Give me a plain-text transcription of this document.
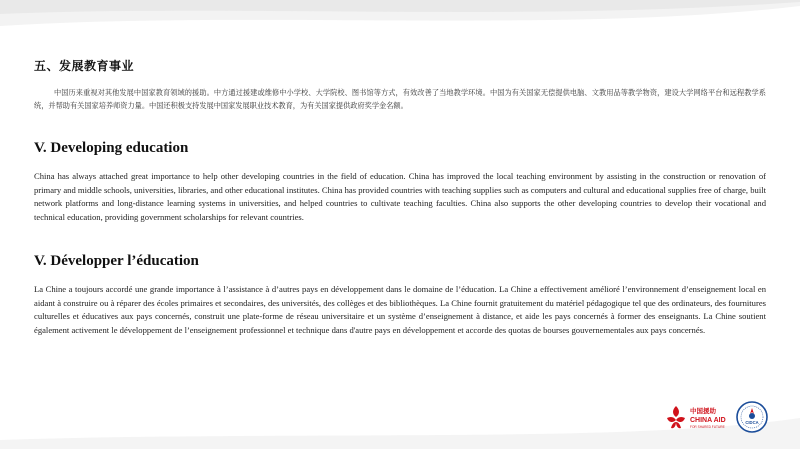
五、发展教育事业
中国历来重视对其他发展中国家教育领域的援助。中方通过援建或维修中小学校、大学院校、图书馆等方式，有效改善了当地教学环境。中国为有关国家无偿提供电脑、文教用品等教学物资，建设大学网络平台和远程教学系统，并帮助有关国家培养师资力量。中国还积极支持发展中国家发展职业技术教育，为有关国家提供政府奖学金名额。
V. Developing education
China has always attached great importance to help other developing countries in the field of education. China has improved the local teaching environment by assisting in the construction or renovation of primary and middle schools, universities, libraries, and other educational institutes. China has provided countries with teaching supplies such as computers and cultural and educational supplies free of charge, built network platforms and long-distance learning systems in universities, and helped countries to cultivate teaching faculties. China also supports the other developing countries to develop their vocational and technical education, providing government scholarships for relevant countries.
V. Développer l’éducation
La Chine a toujours accordé une grande importance à l’assistance à d’autres pays en développement dans le domaine de l’éducation. La Chine a effectivement amélioré l’environnement d’enseignement local en aidant à construire ou à réparer des écoles primaires et secondaires, des universités, des collèges et des bibliothèques. La Chine fournit gratuitement du matériel pédagogique tel que des ordinateurs, des fournitures culturelles et éducatives aux pays concernés, construit une plate-forme de réseau universitaire et un système d’enseignement à distance, et aide les pays concernés à former des enseignants. La Chine soutient également activement le développement de l’enseignement professionnel et technique dans d'autre pays en développement et accorde des quotas de bourses gouvernementales aux pays concernés.
中国援助
CHINA AID
FOR SHARED FUTURE
CIDCA
